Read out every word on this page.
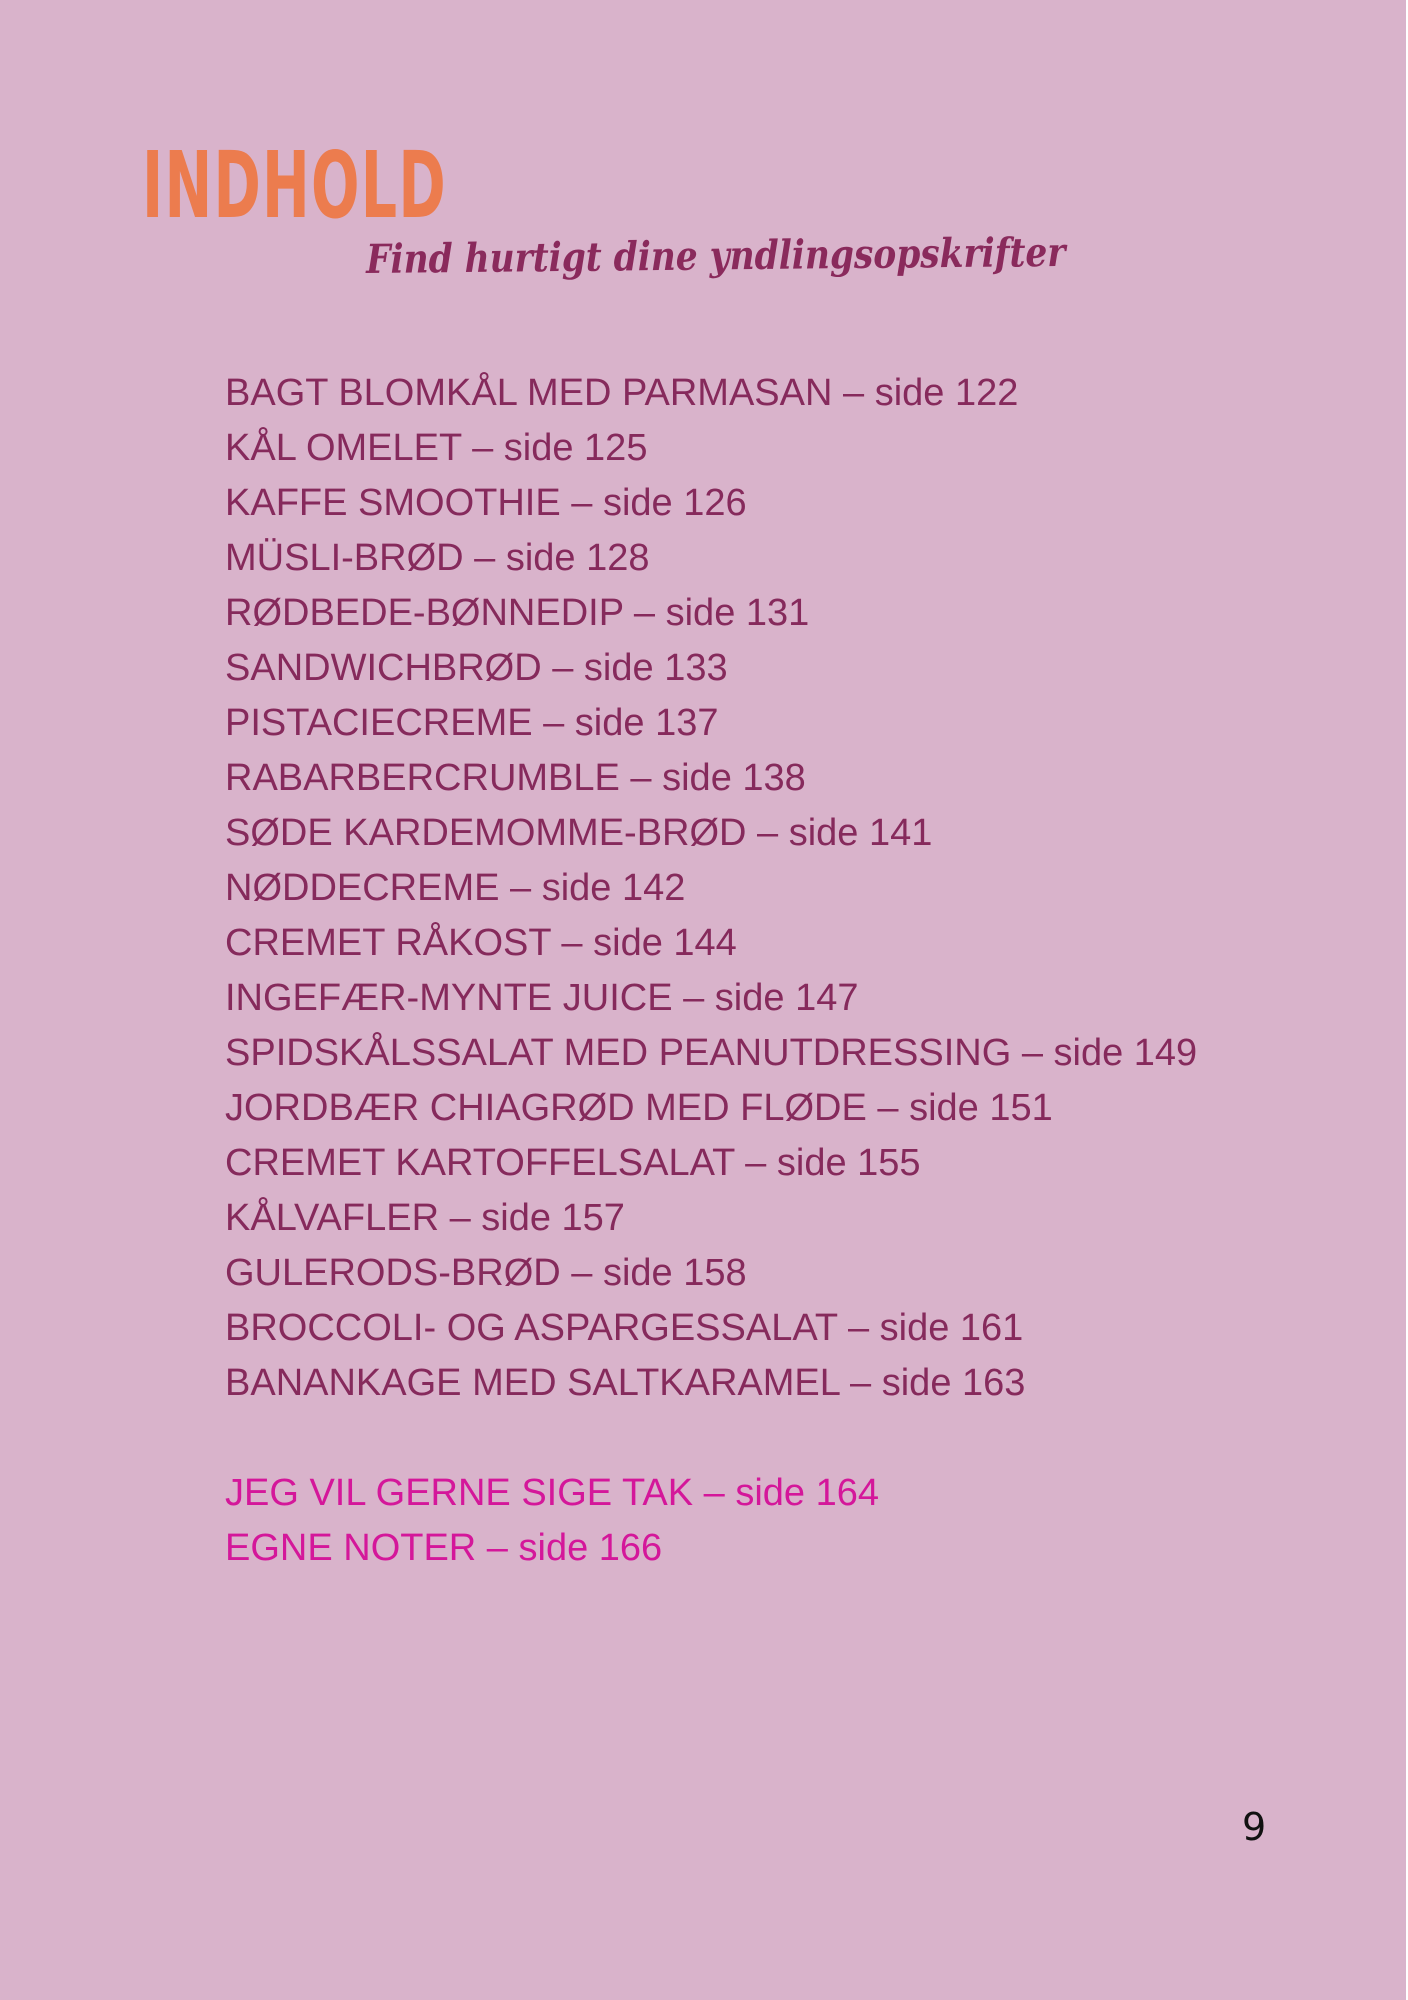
INDHOLD

Find hurtigt dine yndlingsopskrifter

BAGT BLOMKÅL MED PARMASAN – side 122
KÅL OMELET – side 125
KAFFE SMOOTHIE – side 126
MÜSLI-BRØD – side 128
RØDBEDE-BØNNEDIP – side 131
SANDWICHBRØD – side 133
PISTACIECREME – side 137
RABARBERCRUMBLE – side 138
SØDE KARDEMOMME-BRØD – side 141
NØDDECREME – side 142
CREMET RÅKOST – side 144
INGEFÆR-MYNTE JUICE – side 147
SPIDSKÅLSSALAT MED PEANUTDRESSING – side 149
JORDBÆR CHIAGRØD MED FLØDE – side 151
CREMET KARTOFFELSALAT – side 155
KÅLVAFLER – side 157
GULERODS-BRØD – side 158
BROCCOLI- OG ASPARGESSALAT – side 161
BANANKAGE MED SALTKARAMEL – side 163
JEG VIL GERNE SIGE TAK – side 164
EGNE NOTER – side 166

9
